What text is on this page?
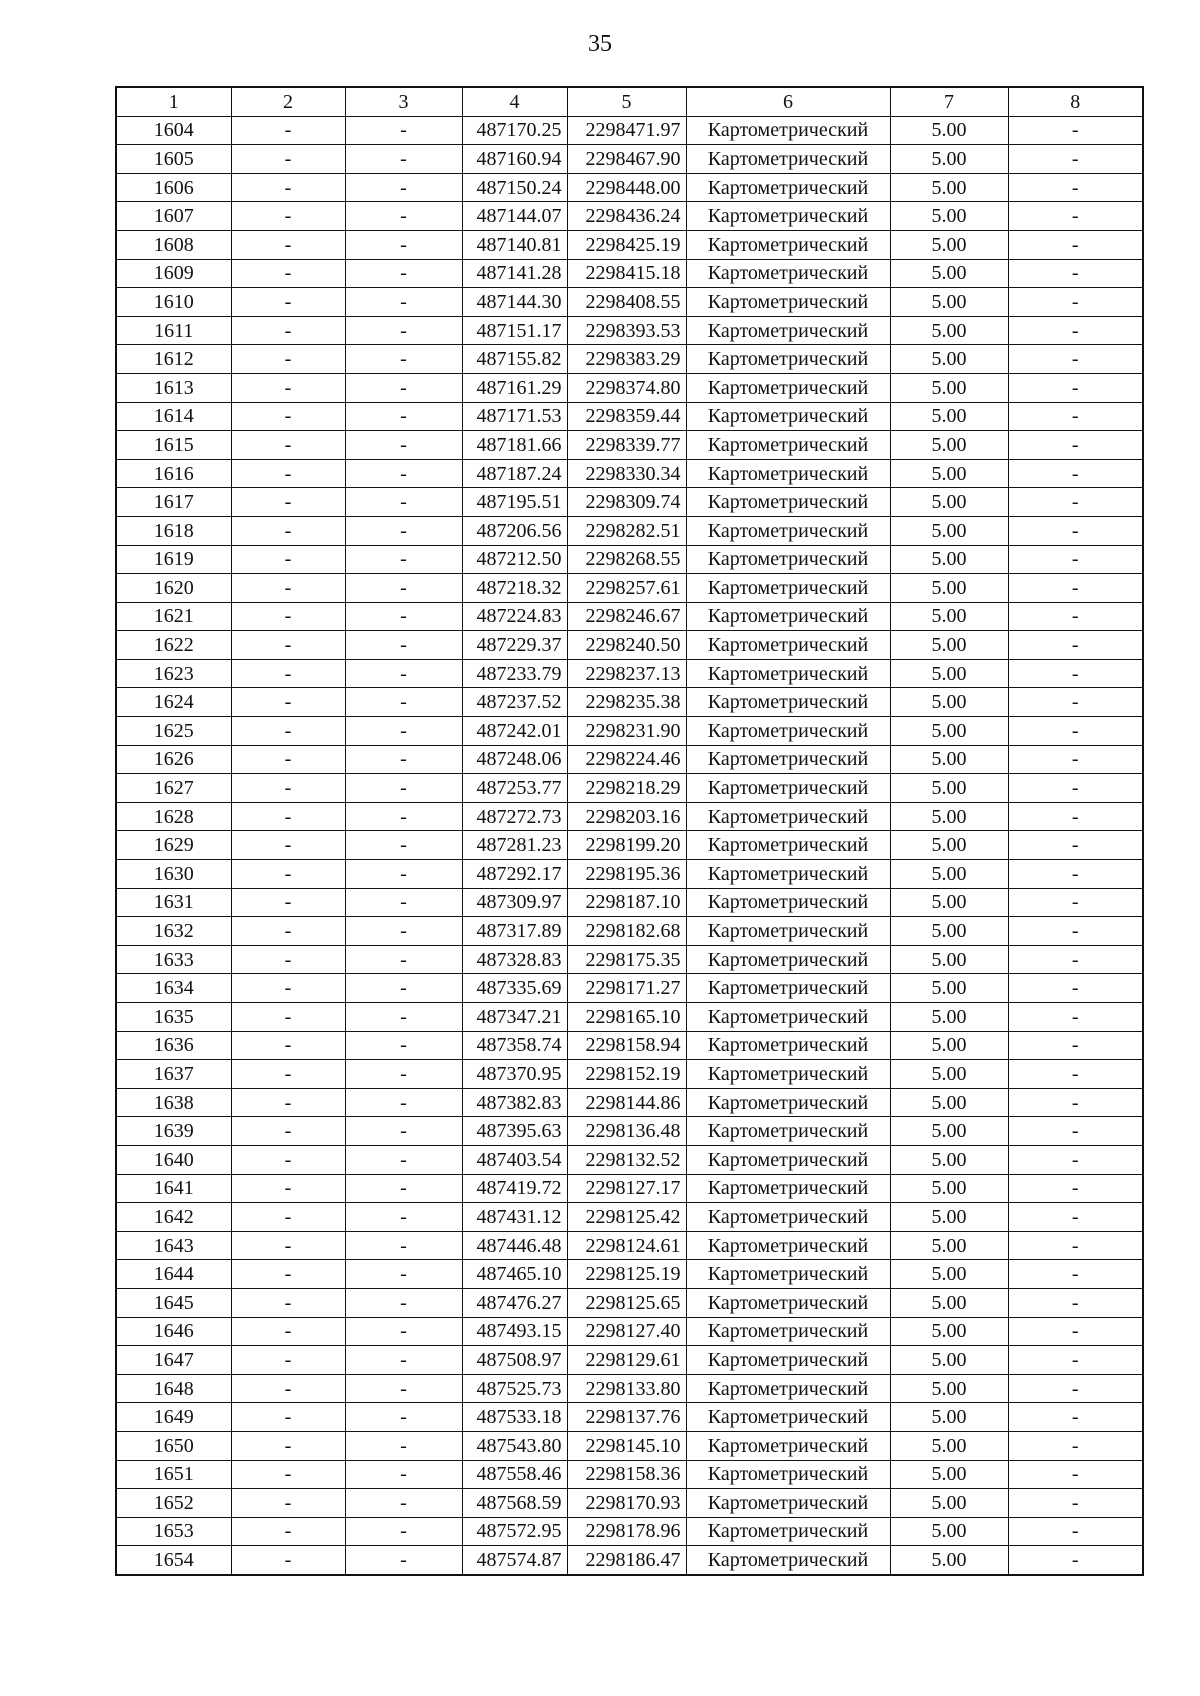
35
1	2	3	4	5	6	7	8
1604	-	-	487170.25	2298471.97	Картометрический	5.00	-
1605	-	-	487160.94	2298467.90	Картометрический	5.00	-
1606	-	-	487150.24	2298448.00	Картометрический	5.00	-
1607	-	-	487144.07	2298436.24	Картометрический	5.00	-
1608	-	-	487140.81	2298425.19	Картометрический	5.00	-
1609	-	-	487141.28	2298415.18	Картометрический	5.00	-
1610	-	-	487144.30	2298408.55	Картометрический	5.00	-
1611	-	-	487151.17	2298393.53	Картометрический	5.00	-
1612	-	-	487155.82	2298383.29	Картометрический	5.00	-
1613	-	-	487161.29	2298374.80	Картометрический	5.00	-
1614	-	-	487171.53	2298359.44	Картометрический	5.00	-
1615	-	-	487181.66	2298339.77	Картометрический	5.00	-
1616	-	-	487187.24	2298330.34	Картометрический	5.00	-
1617	-	-	487195.51	2298309.74	Картометрический	5.00	-
1618	-	-	487206.56	2298282.51	Картометрический	5.00	-
1619	-	-	487212.50	2298268.55	Картометрический	5.00	-
1620	-	-	487218.32	2298257.61	Картометрический	5.00	-
1621	-	-	487224.83	2298246.67	Картометрический	5.00	-
1622	-	-	487229.37	2298240.50	Картометрический	5.00	-
1623	-	-	487233.79	2298237.13	Картометрический	5.00	-
1624	-	-	487237.52	2298235.38	Картометрический	5.00	-
1625	-	-	487242.01	2298231.90	Картометрический	5.00	-
1626	-	-	487248.06	2298224.46	Картометрический	5.00	-
1627	-	-	487253.77	2298218.29	Картометрический	5.00	-
1628	-	-	487272.73	2298203.16	Картометрический	5.00	-
1629	-	-	487281.23	2298199.20	Картометрический	5.00	-
1630	-	-	487292.17	2298195.36	Картометрический	5.00	-
1631	-	-	487309.97	2298187.10	Картометрический	5.00	-
1632	-	-	487317.89	2298182.68	Картометрический	5.00	-
1633	-	-	487328.83	2298175.35	Картометрический	5.00	-
1634	-	-	487335.69	2298171.27	Картометрический	5.00	-
1635	-	-	487347.21	2298165.10	Картометрический	5.00	-
1636	-	-	487358.74	2298158.94	Картометрический	5.00	-
1637	-	-	487370.95	2298152.19	Картометрический	5.00	-
1638	-	-	487382.83	2298144.86	Картометрический	5.00	-
1639	-	-	487395.63	2298136.48	Картометрический	5.00	-
1640	-	-	487403.54	2298132.52	Картометрический	5.00	-
1641	-	-	487419.72	2298127.17	Картометрический	5.00	-
1642	-	-	487431.12	2298125.42	Картометрический	5.00	-
1643	-	-	487446.48	2298124.61	Картометрический	5.00	-
1644	-	-	487465.10	2298125.19	Картометрический	5.00	-
1645	-	-	487476.27	2298125.65	Картометрический	5.00	-
1646	-	-	487493.15	2298127.40	Картометрический	5.00	-
1647	-	-	487508.97	2298129.61	Картометрический	5.00	-
1648	-	-	487525.73	2298133.80	Картометрический	5.00	-
1649	-	-	487533.18	2298137.76	Картометрический	5.00	-
1650	-	-	487543.80	2298145.10	Картометрический	5.00	-
1651	-	-	487558.46	2298158.36	Картометрический	5.00	-
1652	-	-	487568.59	2298170.93	Картометрический	5.00	-
1653	-	-	487572.95	2298178.96	Картометрический	5.00	-
1654	-	-	487574.87	2298186.47	Картометрический	5.00	-
